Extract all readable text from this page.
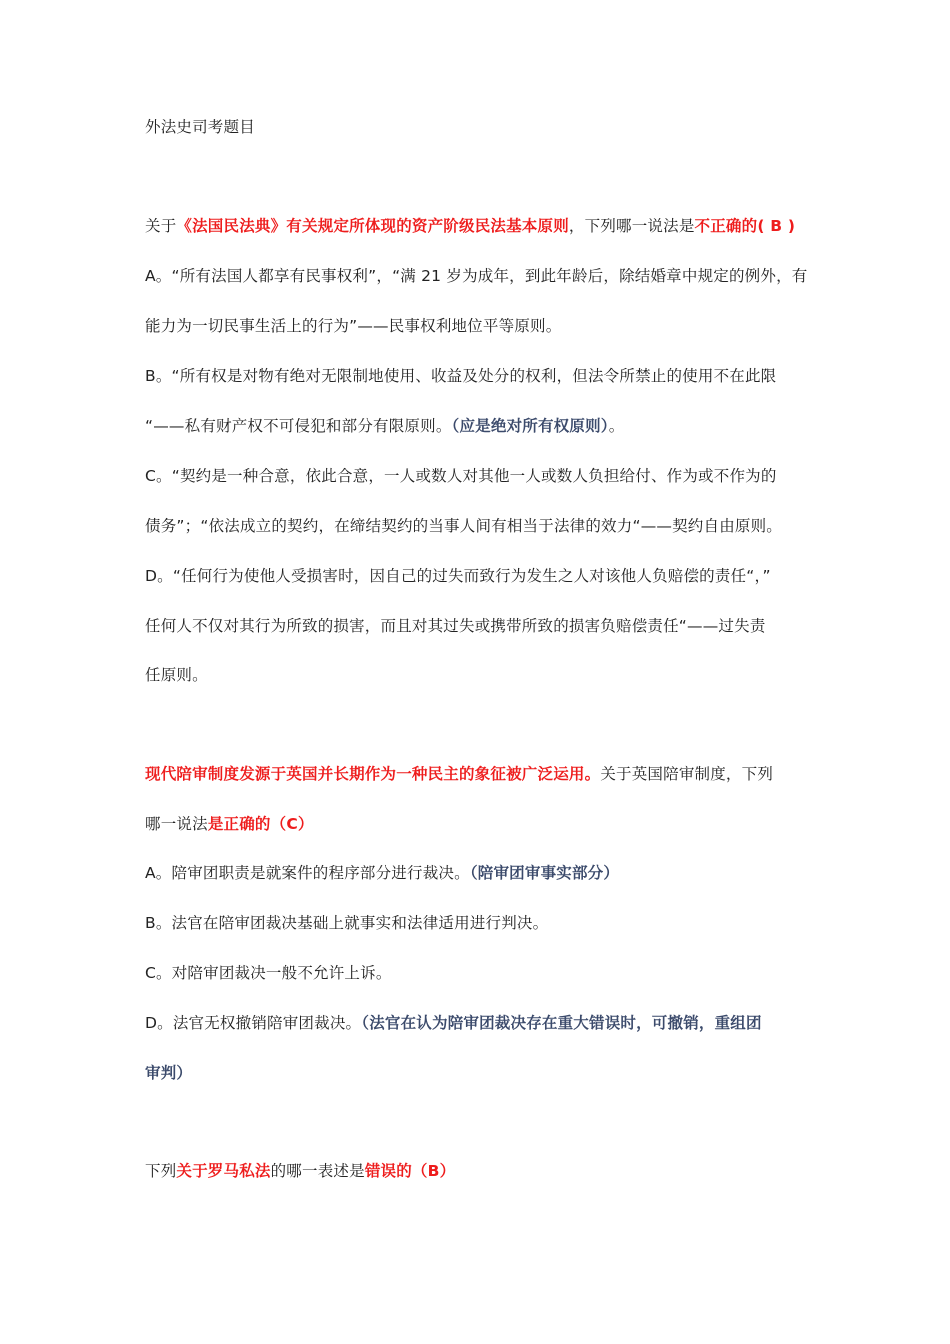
外法史司考题目
关于《法国民法典》有关规定所体现的资产阶级民法基本原则，下列哪一说法是不正确的( B )
A。“所有法国人都享有民事权利”，“满 21 岁为成年，到此年龄后，除结婚章中规定的例外，有
能力为一切民事生活上的行为”——民事权利地位平等原则。
B。“所有权是对物有绝对无限制地使用、收益及处分的权利，但法令所禁止的使用不在此限
“——私有财产权不可侵犯和部分有限原则。（应是绝对所有权原则）。
C。“契约是一种合意，依此合意，一人或数人对其他一人或数人负担给付、作为或不作为的
债务”；“依法成立的契约，在缔结契约的当事人间有相当于法律的效力“——契约自由原则。
D。“任何行为使他人受损害时，因自己的过失而致行为发生之人对该他人负赔偿的责任“，”
任何人不仅对其行为所致的损害，而且对其过失或携带所致的损害负赔偿责任“——过失责
任原则。
现代陪审制度发源于英国并长期作为一种民主的象征被广泛运用。关于英国陪审制度，下列
哪一说法是正确的（C）
A。陪审团职责是就案件的程序部分进行裁决。（陪审团审事实部分）
B。法官在陪审团裁决基础上就事实和法律适用进行判决。
C。对陪审团裁决一般不允许上诉。
D。法官无权撤销陪审团裁决。（法官在认为陪审团裁决存在重大错误时，可撤销，重组团
审判）
下列关于罗马私法的哪一表述是错误的（B）
